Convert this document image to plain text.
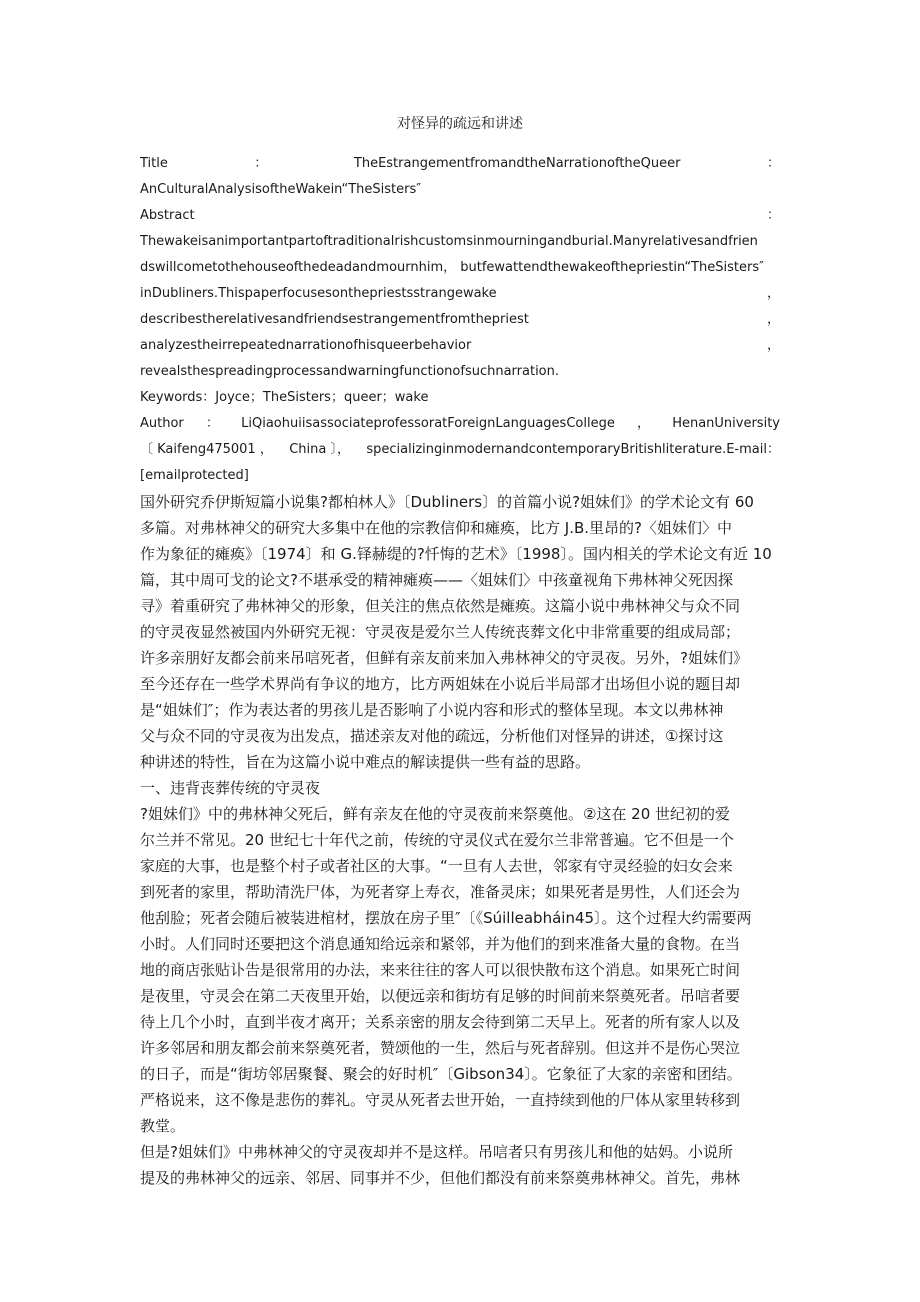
对怪异的疏远和讲述
Title	：	TheEstrangementfromandtheNarrationoftheQueer	：
AnCulturalAnalysisoftheWakein“TheSisters″
Abstract	：
Thewakeisanimportantpartoftraditionalrishcustomsinmourningandburial.Manyrelativesandfrien
dswillcometothehouseofthedeadandmournhim， butfewattendthewakeofthepriestin“TheSisters″
inDubliners.Thispaperfocusesonthepriestsstrangewake	，
describestherelativesandfriendsestrangementfromthepriest	，
analyzestheirrepeatednarrationofhisqueerbehavior	，
revealsthespreadingprocessandwarningfunctionofsuchnarration.
Keywords：Joyce；TheSisters；queer；wake
Author ： LiQiaohuiisassociateprofessoratForeignLanguagesCollege ， HenanUniversity
〔 Kaifeng475001 ， China 〕， specializinginmodernandcontemporaryBritishliterature.E-mail：
[emailprotected]
国外研究乔伊斯短篇小说集?都柏林人》〔Dubliners〕的首篇小说?姐妹们》的学术论文有 60
多篇。对弗林神父的研究大多集中在他的宗教信仰和瘫痪，比方 J.B.里昂的?〈姐妹们〉中
作为象征的瘫痪》〔1974〕和 G.铎赫缇的?忏悔的艺术》〔1998〕。国内相关的学术论文有近 10
篇，其中周可戈的论文?不堪承受的精神瘫痪——〈姐妹们〉中孩童视角下弗林神父死因探
寻》着重研究了弗林神父的形象，但关注的焦点依然是瘫痪。这篇小说中弗林神父与众不同
的守灵夜显然被国内外研究无视：守灵夜是爱尔兰人传统丧葬文化中非常重要的组成局部；
许多亲朋好友都会前来吊唁死者，但鲜有亲友前来加入弗林神父的守灵夜。另外，?姐妹们》
至今还存在一些学术界尚有争议的地方，比方两姐妹在小说后半局部才出场但小说的题目却
是“姐妹们″；作为表达者的男孩儿是否影响了小说内容和形式的整体呈现。本文以弗林神
父与众不同的守灵夜为出发点，描述亲友对他的疏远，分析他们对怪异的讲述，①探讨这
种讲述的特性，旨在为这篇小说中难点的解读提供一些有益的思路。
一、违背丧葬传统的守灵夜
?姐妹们》中的弗林神父死后，鲜有亲友在他的守灵夜前来祭奠他。②这在 20 世纪初的爱
尔兰并不常见。20 世纪七十年代之前，传统的守灵仪式在爱尔兰非常普遍。它不但是一个
家庭的大事，也是整个村子或者社区的大事。“一旦有人去世，邻家有守灵经验的妇女会来
到死者的家里，帮助清洗尸体，为死者穿上寿衣，准备灵床；如果死者是男性，人们还会为
他刮脸；死者会随后被装进棺材，摆放在房子里″〔《Súilleabháin45〕。这个过程大约需要两
小时。人们同时还要把这个消息通知给远亲和紧邻，并为他们的到来准备大量的食物。在当
地的商店张贴讣告是很常用的办法，来来往往的客人可以很快散布这个消息。如果死亡时间
是夜里，守灵会在第二天夜里开始，以便远亲和街坊有足够的时间前来祭奠死者。吊唁者要
待上几个小时，直到半夜才离开；关系亲密的朋友会待到第二天早上。死者的所有家人以及
许多邻居和朋友都会前来祭奠死者，赞颂他的一生，然后与死者辞别。但这并不是伤心哭泣
的日子，而是“街坊邻居聚餐、聚会的好时机″〔Gibson34〕。它象征了大家的亲密和团结。
严格说来，这不像是悲伤的葬礼。守灵从死者去世开始，一直持续到他的尸体从家里转移到
教堂。
但是?姐妹们》中弗林神父的守灵夜却并不是这样。吊唁者只有男孩儿和他的姑妈。小说所
提及的弗林神父的远亲、邻居、同事并不少，但他们都没有前来祭奠弗林神父。首先，弗林
